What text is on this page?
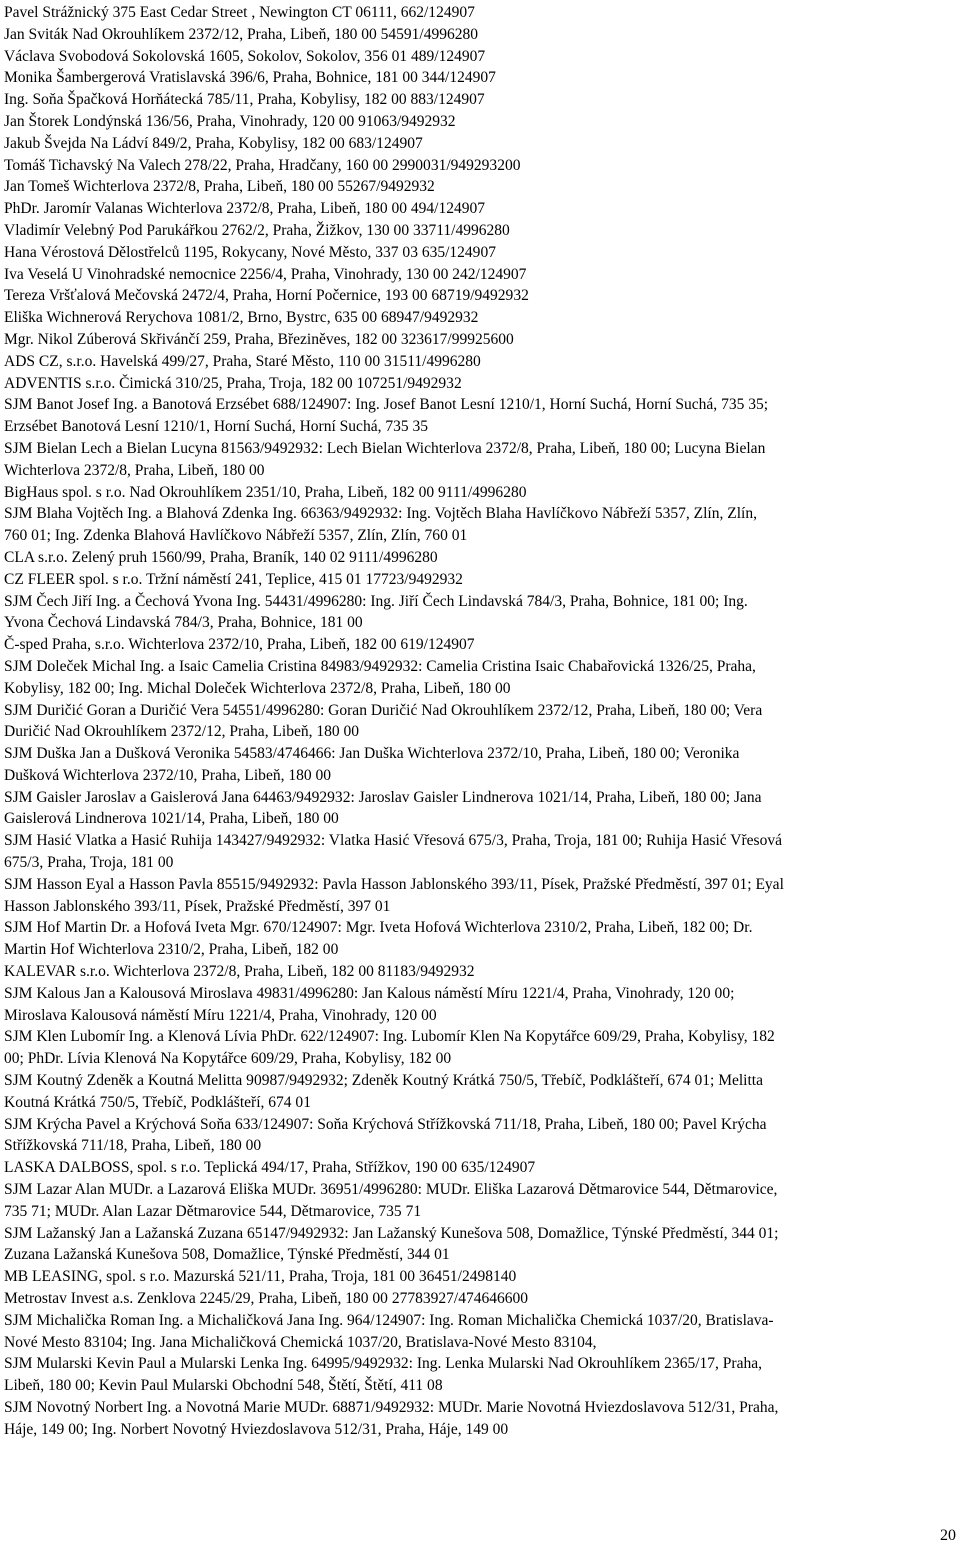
Pavel Strážnický 375 East Cedar Street , Newington CT 06111, 662/124907
Jan Sviták Nad Okrouhlíkem 2372/12, Praha, Libeň, 180 00 54591/4996280
Václava Svobodová Sokolovská 1605, Sokolov, Sokolov, 356 01 489/124907
Monika Šambergerová Vratislavská 396/6, Praha, Bohnice, 181 00 344/124907
Ing. Soňa Špačková Horňátecká 785/11, Praha, Kobylisy, 182 00 883/124907
Jan Štorek Londýnská 136/56, Praha, Vinohrady, 120 00 91063/9492932
Jakub Švejda Na Ládví 849/2, Praha, Kobylisy, 182 00 683/124907
Tomáš Tichavský Na Valech 278/22, Praha, Hradčany, 160 00 2990031/949293200
Jan Tomeš Wichterlova 2372/8, Praha, Libeň, 180 00 55267/9492932
PhDr. Jaromír Valanas Wichterlova 2372/8, Praha, Libeň, 180 00 494/124907
Vladimír Velebný Pod Parukářkou 2762/2, Praha, Žižkov, 130 00 33711/4996280
Hana Vérostová Dělostřelců 1195, Rokycany, Nové Město, 337 03 635/124907
Iva Veselá U Vinohradské nemocnice 2256/4, Praha, Vinohrady, 130 00 242/124907
Tereza Vršťalová Mečovská 2472/4, Praha, Horní Počernice, 193 00 68719/9492932
Eliška Wichnerová Rerychova 1081/2, Brno, Bystrc, 635 00 68947/9492932
Mgr. Nikol Zúberová Skřivánčí 259, Praha, Březiněves, 182 00 323617/99925600
ADS CZ, s.r.o. Havelská 499/27, Praha, Staré Město, 110 00 31511/4996280
ADVENTIS s.r.o. Čimická 310/25, Praha, Troja, 182 00 107251/9492932
SJM Banot Josef Ing. a Banotová Erzsébet 688/124907: Ing. Josef Banot Lesní 1210/1, Horní Suchá, Horní Suchá, 735 35;
Erzsébet Banotová Lesní 1210/1, Horní Suchá, Horní Suchá, 735 35
SJM Bielan Lech a Bielan Lucyna 81563/9492932: Lech Bielan Wichterlova 2372/8, Praha, Libeň, 180 00; Lucyna Bielan
Wichterlova 2372/8, Praha, Libeň, 180 00
BigHaus spol. s r.o. Nad Okrouhlíkem 2351/10, Praha, Libeň, 182 00 9111/4996280
SJM Blaha Vojtěch Ing. a Blahová Zdenka Ing. 66363/9492932: Ing. Vojtěch Blaha Havlíčkovo Nábřeží 5357, Zlín, Zlín,
760 01; Ing. Zdenka Blahová Havlíčkovo Nábřeží 5357, Zlín, Zlín, 760 01
CLA s.r.o. Zelený pruh 1560/99, Praha, Braník, 140 02 9111/4996280
CZ FLEER spol. s r.o. Tržní náměstí 241, Teplice, 415 01 17723/9492932
SJM Čech Jiří Ing. a Čechová Yvona Ing. 54431/4996280: Ing. Jiří Čech Lindavská 784/3, Praha, Bohnice, 181 00; Ing.
Yvona Čechová Lindavská 784/3, Praha, Bohnice, 181 00
Č-sped Praha, s.r.o. Wichterlova 2372/10, Praha, Libeň, 182 00 619/124907
SJM Doleček Michal Ing. a Isaic Camelia Cristina 84983/9492932: Camelia Cristina Isaic Chabařovická 1326/25, Praha,
Kobylisy, 182 00; Ing. Michal Doleček Wichterlova 2372/8, Praha, Libeň, 180 00
SJM Duričić Goran a Duričić Vera 54551/4996280: Goran Duričić Nad Okrouhlíkem 2372/12, Praha, Libeň, 180 00; Vera
Duričić Nad Okrouhlíkem 2372/12, Praha, Libeň, 180 00
SJM Duška Jan a Dušková Veronika 54583/4746466: Jan Duška Wichterlova 2372/10, Praha, Libeň, 180 00; Veronika
Dušková Wichterlova 2372/10, Praha, Libeň, 180 00
SJM Gaisler Jaroslav a Gaislerová Jana 64463/9492932: Jaroslav Gaisler Lindnerova 1021/14, Praha, Libeň, 180 00; Jana
Gaislerová Lindnerova 1021/14, Praha, Libeň, 180 00
SJM Hasić Vlatka a Hasić Ruhija 143427/9492932: Vlatka Hasić Vřesová 675/3, Praha, Troja, 181 00; Ruhija Hasić Vřesová
675/3, Praha, Troja, 181 00
SJM Hasson Eyal a Hasson Pavla 85515/9492932: Pavla Hasson Jablonského 393/11, Písek, Pražské Předměstí, 397 01; Eyal
Hasson Jablonského 393/11, Písek, Pražské Předměstí, 397 01
SJM Hof Martin Dr. a Hofová Iveta Mgr. 670/124907: Mgr. Iveta Hofová Wichterlova 2310/2, Praha, Libeň, 182 00; Dr.
Martin Hof Wichterlova 2310/2, Praha, Libeň, 182 00
KALEVAR s.r.o. Wichterlova 2372/8, Praha, Libeň, 182 00 81183/9492932
SJM Kalous Jan a Kalousová Miroslava 49831/4996280: Jan Kalous náměstí Míru 1221/4, Praha, Vinohrady, 120 00;
Miroslava Kalousová náměstí Míru 1221/4, Praha, Vinohrady, 120 00
SJM Klen Lubomír Ing. a Klenová Lívia PhDr. 622/124907: Ing. Lubomír Klen Na Kopytářce 609/29, Praha, Kobylisy, 182
00; PhDr. Lívia Klenová Na Kopytářce 609/29, Praha, Kobylisy, 182 00
SJM Koutný Zdeněk a Koutná Melitta 90987/9492932; Zdeněk Koutný Krátká 750/5, Třebíč, Podklášteří, 674 01; Melitta
Koutná Krátká 750/5, Třebíč, Podklášteří, 674 01
SJM Krýcha Pavel a Krýchová Soňa 633/124907: Soňa Krýchová Střížkovská 711/18, Praha, Libeň, 180 00; Pavel Krýcha
Střížkovská 711/18, Praha, Libeň, 180 00
LASKA DALBOSS, spol. s r.o. Teplická 494/17, Praha, Střížkov, 190 00 635/124907
SJM Lazar Alan MUDr. a Lazarová Eliška MUDr. 36951/4996280: MUDr. Eliška Lazarová Dětmarovice 544, Dětmarovice,
735 71; MUDr. Alan Lazar Dětmarovice 544, Dětmarovice, 735 71
SJM Lažanský Jan a Lažanská Zuzana 65147/9492932: Jan Lažanský Kunešova 508, Domažlice, Týnské Předměstí, 344 01;
Zuzana Lažanská Kunešova 508, Domažlice, Týnské Předměstí, 344 01
MB LEASING, spol. s r.o. Mazurská 521/11, Praha, Troja, 181 00 36451/2498140
Metrostav Invest a.s. Zenklova 2245/29, Praha, Libeň, 180 00 27783927/474646600
SJM Michalička Roman Ing. a Michaličková Jana Ing. 964/124907: Ing. Roman Michalička Chemická 1037/20, Bratislava-
Nové Mesto 83104; Ing. Jana Michaličková Chemická 1037/20, Bratislava-Nové Mesto 83104,
SJM Mularski Kevin Paul a Mularski Lenka Ing. 64995/9492932: Ing. Lenka Mularski Nad Okrouhlíkem 2365/17, Praha,
Libeň, 180 00; Kevin Paul Mularski Obchodní 548, Štětí, Štětí, 411 08
SJM Novotný Norbert Ing. a Novotná Marie MUDr. 68871/9492932: MUDr. Marie Novotná Hviezdoslavova 512/31, Praha,
Háje, 149 00; Ing. Norbert Novotný Hviezdoslavova 512/31, Praha, Háje, 149 00
20
